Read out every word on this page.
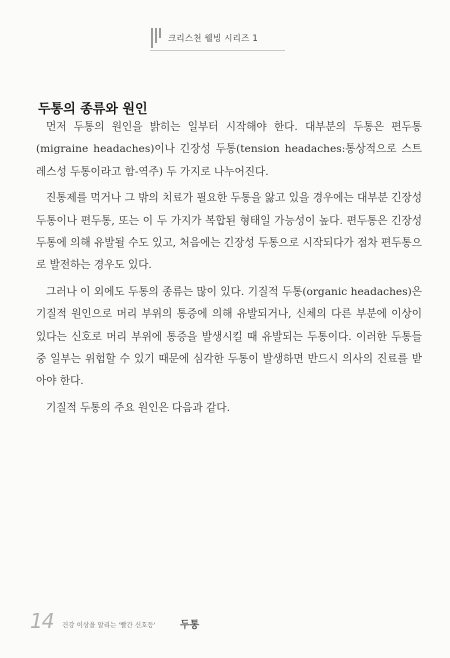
크리스천 웰빙 시리즈 1
두통의 종류와 원인

먼저 두통의 원인을 밝히는 일부터 시작해야 한다. 대부분의 두통은 편두통(migraine headaches)이나 긴장성 두통(tension headaches:통상적으로 스트레스성 두통이라고 함-역주) 두 가지로 나누어진다.

진통제를 먹거나 그 밖의 치료가 필요한 두통을 앓고 있을 경우에는 대부분 긴장성 두통이나 편두통, 또는 이 두 가지가 복합된 형태일 가능성이 높다. 편두통은 긴장성 두통에 의해 유발될 수도 있고, 처음에는 긴장성 두통으로 시작되다가 점차 편두통으로 발전하는 경우도 있다.

그러나 이 외에도 두통의 종류는 많이 있다. 기질적 두통(organic headaches)은 기질적 원인으로 머리 부위의 통증에 의해 유발되거나, 신체의 다른 부분에 이상이 있다는 신호로 머리 부위에 통증을 발생시킬 때 유발되는 두통이다. 이러한 두통들 중 일부는 위험할 수 있기 때문에 심각한 두통이 발생하면 반드시 의사의 진료를 받아야 한다.

기질적 두통의 주요 원인은 다음과 같다.

14 건강 이상을 알리는 '빨간 신호등' 두통
